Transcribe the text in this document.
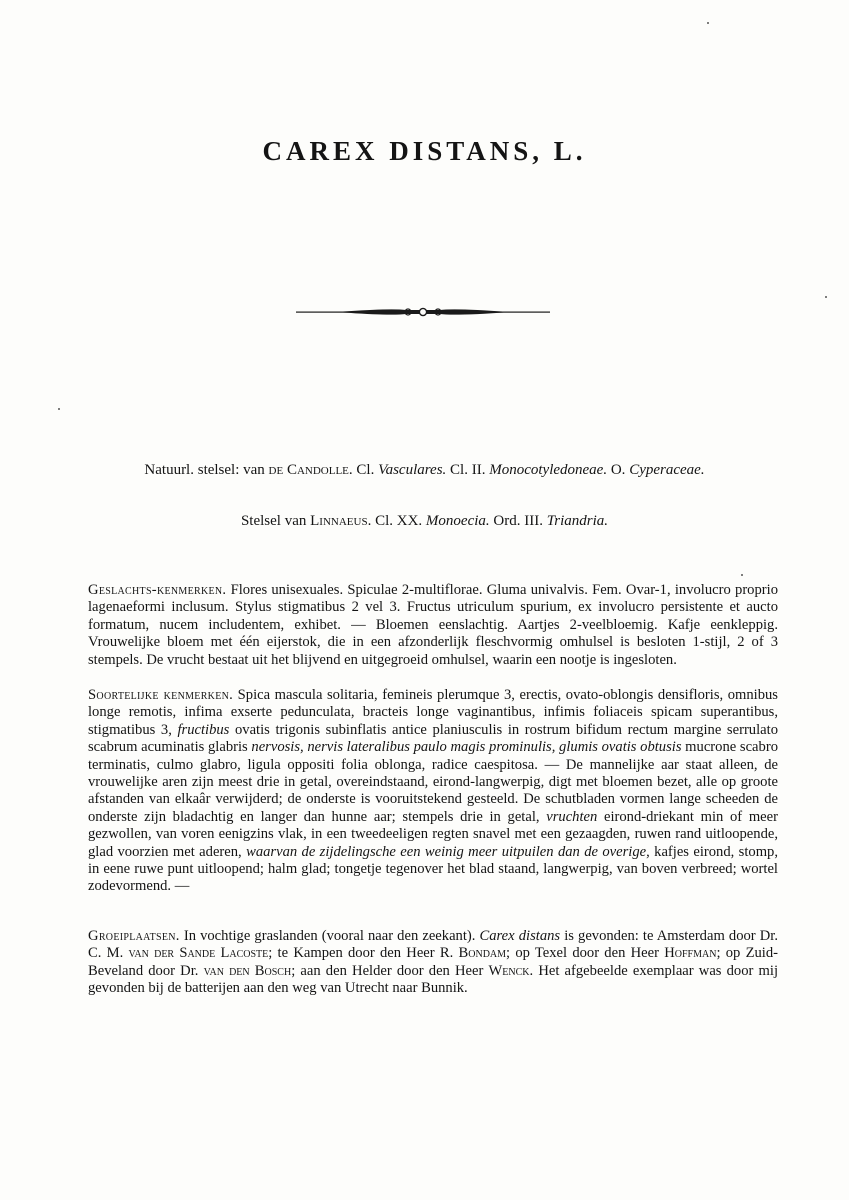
CAREX DISTANS, L.
Natuurl. stelsel: van de Candolle. Cl. Vasculares. Cl. II. Monocotyledoneae. O. Cyperaceae.
Stelsel van Linnaeus. Cl. XX. Monoecia. Ord. III. Triandria.

Geslachts-kenmerken. Flores unisexuales. Spiculae 2-multiflorae. Gluma univalvis. Fem. Ovar-1, involucro proprio lagenaeformi inclusum. Stylus stigmatibus 2 vel 3. Fructus utriculum spurium, ex involucro persistente et aucto formatum, nucem includentem, exhibet. — Bloemen eenslachtig. Aartjes 2-veelbloemig. Kafje eenkleppig. Vrouwelijke bloem met één eijerstok, die in een afzonderlijk fleschvormig omhulsel is besloten 1-stijl, 2 of 3 stempels. De vrucht bestaat uit het blijvend en uitgegroeid omhulsel, waarin een nootje is ingesloten.

Soortelijke kenmerken. Spica mascula solitaria, femineis plerumque 3, erectis, ovato-oblongis densifloris, omnibus longe remotis, infima exserte pedunculata, bracteis longe vaginantibus, infimis foliaceis spicam superantibus, stigmatibus 3, fructibus ovatis trigonis subinflatis antice planiusculis in rostrum bifidum rectum margine serrulato scabrum acuminatis glabris nervosis, nervis lateralibus paulo magis prominulis, glumis ovatis obtusis mucrone scabro terminatis, culmo glabro, ligula oppositi folia oblonga, radice caespitosa. — De mannelijke aar staat alleen, de vrouwelijke aren zijn meest drie in getal, overeindstaand, eirond-langwerpig, digt met bloemen bezet, alle op groote afstanden van elkaâr verwijderd; de onderste is vooruitstekend gesteeld. De schutbladen vormen lange scheeden de onderste zijn bladachtig en langer dan hunne aar; stempels drie in getal, vruchten eirond-driekant min of meer gezwollen, van voren eenigzins vlak, in een tweedeeligen regten snavel met een gezaagden, ruwen rand uitloopende, glad voorzien met aderen, waarvan de zijdelingsche een weinig meer uitpuilen dan de overige, kafjes eirond, stomp, in eene ruwe punt uitloopend; halm glad; tongetje tegenover het blad staand, langwerpig, van boven verbreed; wortel zodevormend. —

Groeiplaatsen. In vochtige graslanden (vooral naar den zeekant). Carex distans is gevonden: te Amsterdam door Dr. C. M. van der Sande Lacoste; te Kampen door den Heer R. Bondam; op Texel door den Heer Hoffman; op Zuid-Beveland door Dr. van den Bosch; aan den Helder door den Heer Wenck. Het afgebeelde exemplaar was door mij gevonden bij de batterijen aan den weg van Utrecht naar Bunnik.
